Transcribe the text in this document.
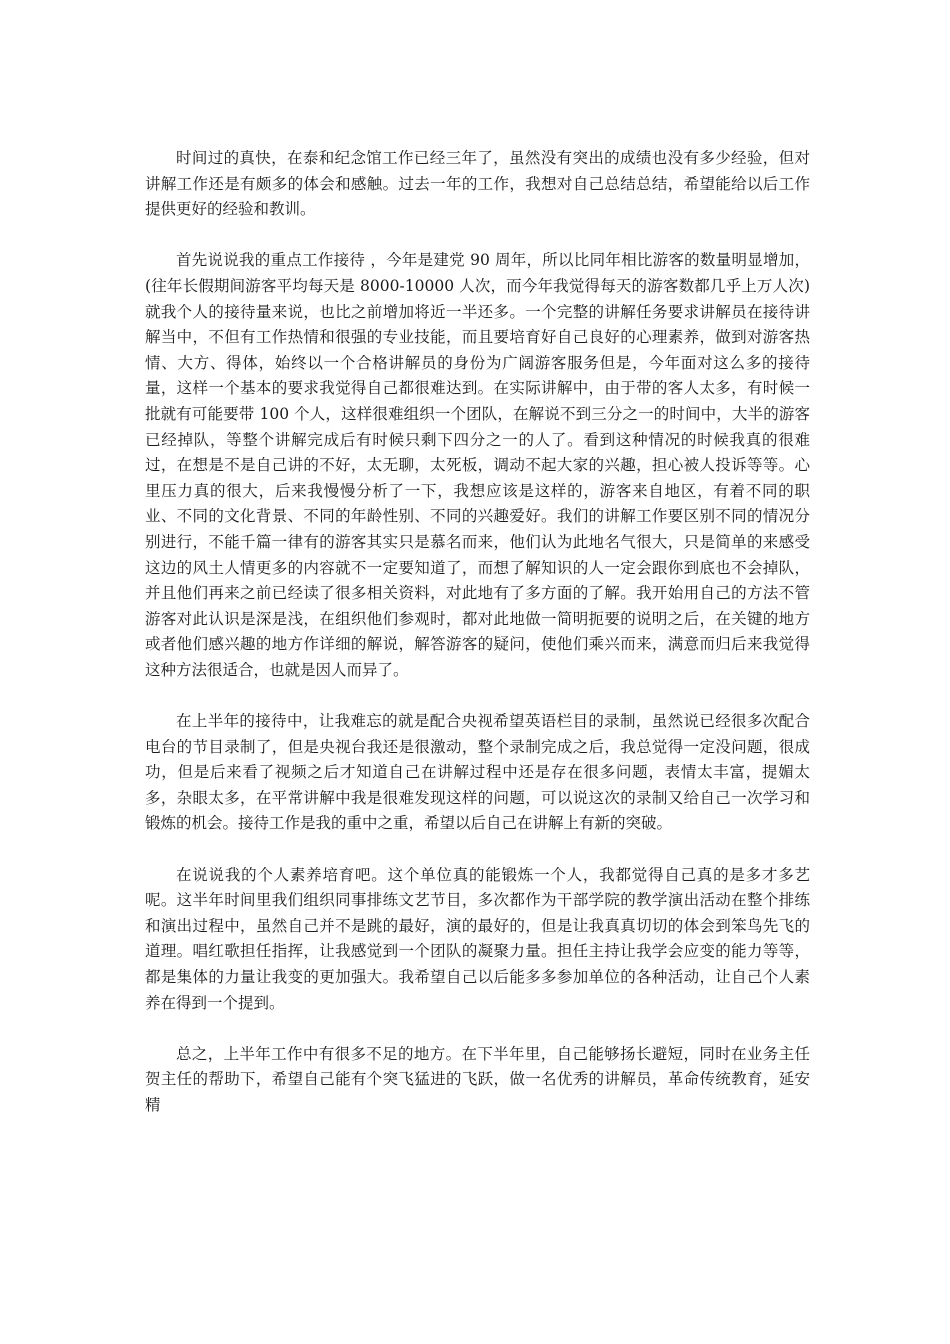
时间过的真快，在泰和纪念馆工作已经三年了，虽然没有突出的成绩也没有多少经验，但对讲解工作还是有颇多的体会和感触。过去一年的工作，我想对自己总结总结，希望能给以后工作提供更好的经验和教训。

首先说说我的重点工作接待 ，今年是建党 90 周年，所以比同年相比游客的数量明显增加，(往年长假期间游客平均每天是 8000-10000 人次，而今年我觉得每天的游客数都几乎上万人次)就我个人的接待量来说，也比之前增加将近一半还多。一个完整的讲解任务要求讲解员在接待讲解当中，不但有工作热情和很强的专业技能，而且要培育好自己良好的心理素养，做到对游客热情、大方、得体，始终以一个合格讲解员的身份为广阔游客服务但是，今年面对这么多的接待量，这样一个基本的要求我觉得自己都很难达到。在实际讲解中，由于带的客人太多，有时候一批就有可能要带 100 个人，这样很难组织一个团队，在解说不到三分之一的时间中，大半的游客已经掉队，等整个讲解完成后有时候只剩下四分之一的人了。看到这种情况的时候我真的很难过，在想是不是自己讲的不好，太无聊，太死板，调动不起大家的兴趣，担心被人投诉等等。心里压力真的很大，后来我慢慢分析了一下，我想应该是这样的，游客来自地区，有着不同的职业、不同的文化背景、不同的年龄性别、不同的兴趣爱好。我们的讲解工作要区别不同的情况分别进行，不能千篇一律有的游客其实只是慕名而来，他们认为此地名气很大，只是简单的来感受这边的风土人情更多的内容就不一定要知道了，而想了解知识的人一定会跟你到底也不会掉队，并且他们再来之前已经读了很多相关资料，对此地有了多方面的了解。我开始用自己的方法不管游客对此认识是深是浅，在组织他们参观时，都对此地做一简明扼要的说明之后，在关键的地方或者他们感兴趣的地方作详细的解说，解答游客的疑问，使他们乘兴而来，满意而归后来我觉得这种方法很适合，也就是因人而异了。

在上半年的接待中，让我难忘的就是配合央视希望英语栏目的录制，虽然说已经很多次配合电台的节目录制了，但是央视台我还是很激动，整个录制完成之后，我总觉得一定没问题，很成功，但是后来看了视频之后才知道自己在讲解过程中还是存在很多问题，表情太丰富，提媚太多，杂眼太多，在平常讲解中我是很难发现这样的问题，可以说这次的录制又给自己一次学习和锻炼的机会。接待工作是我的重中之重，希望以后自己在讲解上有新的突破。

在说说我的个人素养培育吧。这个单位真的能锻炼一个人，我都觉得自己真的是多才多艺呢。这半年时间里我们组织同事排练文艺节目，多次都作为干部学院的教学演出活动在整个排练和演出过程中，虽然自己并不是跳的最好，演的最好的，但是让我真真切切的体会到笨鸟先飞的道理。唱红歌担任指挥，让我感觉到一个团队的凝聚力量。担任主持让我学会应变的能力等等，都是集体的力量让我变的更加强大。我希望自己以后能多多参加单位的各种活动，让自己个人素养在得到一个提到。

总之，上半年工作中有很多不足的地方。在下半年里，自己能够扬长避短，同时在业务主任贺主任的帮助下，希望自己能有个突飞猛进的飞跃，做一名优秀的讲解员，革命传统教育，延安精
